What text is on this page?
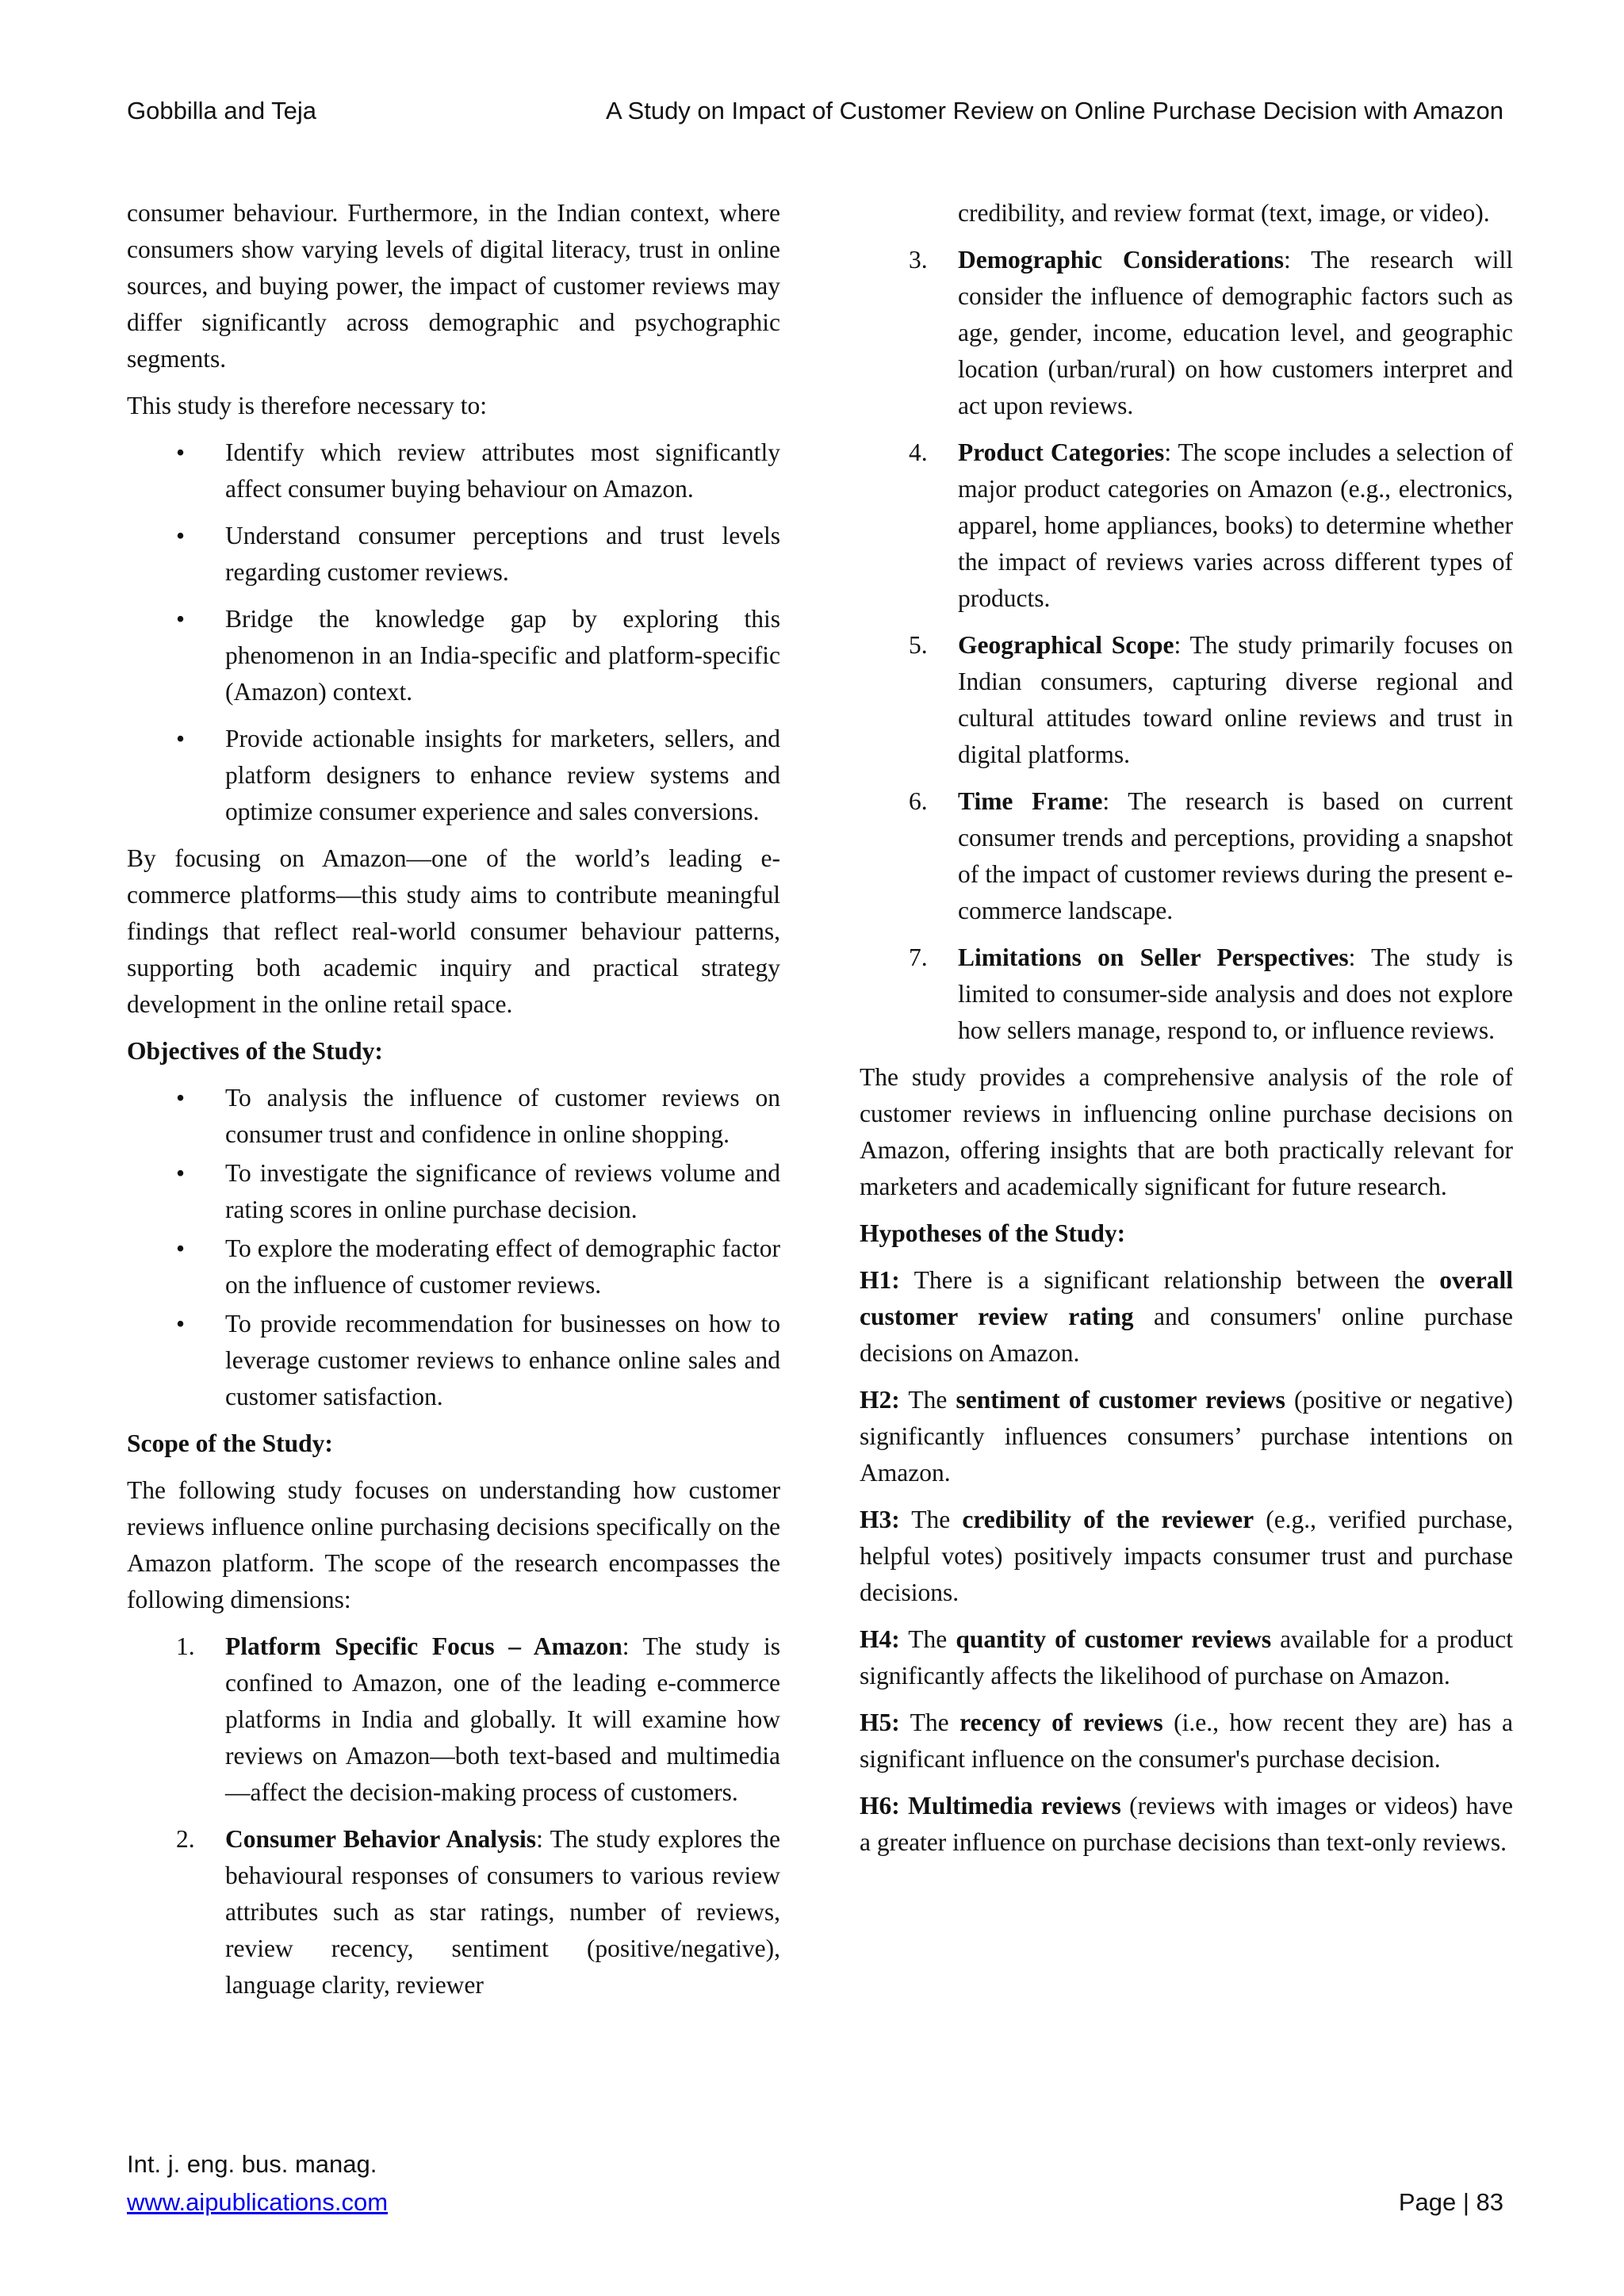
Gobbilla and Teja	A Study on Impact of Customer Review on Online Purchase Decision with Amazon

consumer behaviour. Furthermore, in the Indian context, where consumers show varying levels of digital literacy, trust in online sources, and buying power, the impact of customer reviews may differ significantly across demographic and psychographic segments.

This study is therefore necessary to:

• Identify which review attributes most significantly affect consumer buying behaviour on Amazon.
• Understand consumer perceptions and trust levels regarding customer reviews.
• Bridge the knowledge gap by exploring this phenomenon in an India-specific and platform-specific (Amazon) context.
• Provide actionable insights for marketers, sellers, and platform designers to enhance review systems and optimize consumer experience and sales conversions.

By focusing on Amazon—one of the world’s leading e-commerce platforms—this study aims to contribute meaningful findings that reflect real-world consumer behaviour patterns, supporting both academic inquiry and practical strategy development in the online retail space.

Objectives of the Study:
• To analysis the influence of customer reviews on consumer trust and confidence in online shopping.
• To investigate the significance of reviews volume and rating scores in online purchase decision.
• To explore the moderating effect of demographic factor on the influence of customer reviews.
• To provide recommendation for businesses on how to leverage customer reviews to enhance online sales and customer satisfaction.
Scope of the Study:

The following study focuses on understanding how customer reviews influence online purchasing decisions specifically on the Amazon platform. The scope of the research encompasses the following dimensions:

1. Platform Specific Focus – Amazon: The study is confined to Amazon, one of the leading e-commerce platforms in India and globally. It will examine how reviews on Amazon—both text-based and multimedia—affect the decision-making process of customers.
2. Consumer Behavior Analysis: The study explores the behavioural responses of consumers to various review attributes such as star ratings, number of reviews, review recency, sentiment (positive/negative), language clarity, reviewer
credibility, and review format (text, image, or video).
3. Demographic Considerations: The research will consider the influence of demographic factors such as age, gender, income, education level, and geographic location (urban/rural) on how customers interpret and act upon reviews.
4. Product Categories: The scope includes a selection of major product categories on Amazon (e.g., electronics, apparel, home appliances, books) to determine whether the impact of reviews varies across different types of products.
5. Geographical Scope: The study primarily focuses on Indian consumers, capturing diverse regional and cultural attitudes toward online reviews and trust in digital platforms.
6. Time Frame: The research is based on current consumer trends and perceptions, providing a snapshot of the impact of customer reviews during the present e-commerce landscape.
7. Limitations on Seller Perspectives: The study is limited to consumer-side analysis and does not explore how sellers manage, respond to, or influence reviews.

The study provides a comprehensive analysis of the role of customer reviews in influencing online purchase decisions on Amazon, offering insights that are both practically relevant for marketers and academically significant for future research.

Hypotheses of the Study:

H1: There is a significant relationship between the overall customer review rating and consumers' online purchase decisions on Amazon.

H2: The sentiment of customer reviews (positive or negative) significantly influences consumers’ purchase intentions on Amazon.

H3: The credibility of the reviewer (e.g., verified purchase, helpful votes) positively impacts consumer trust and purchase decisions.

H4: The quantity of customer reviews available for a product significantly affects the likelihood of purchase on Amazon.

H5: The recency of reviews (i.e., how recent they are) has a significant influence on the consumer's purchase decision.

H6: Multimedia reviews (reviews with images or videos) have a greater influence on purchase decisions than text-only reviews.

Int. j. eng. bus. manag.
www.aipublications.com	Page | 83
